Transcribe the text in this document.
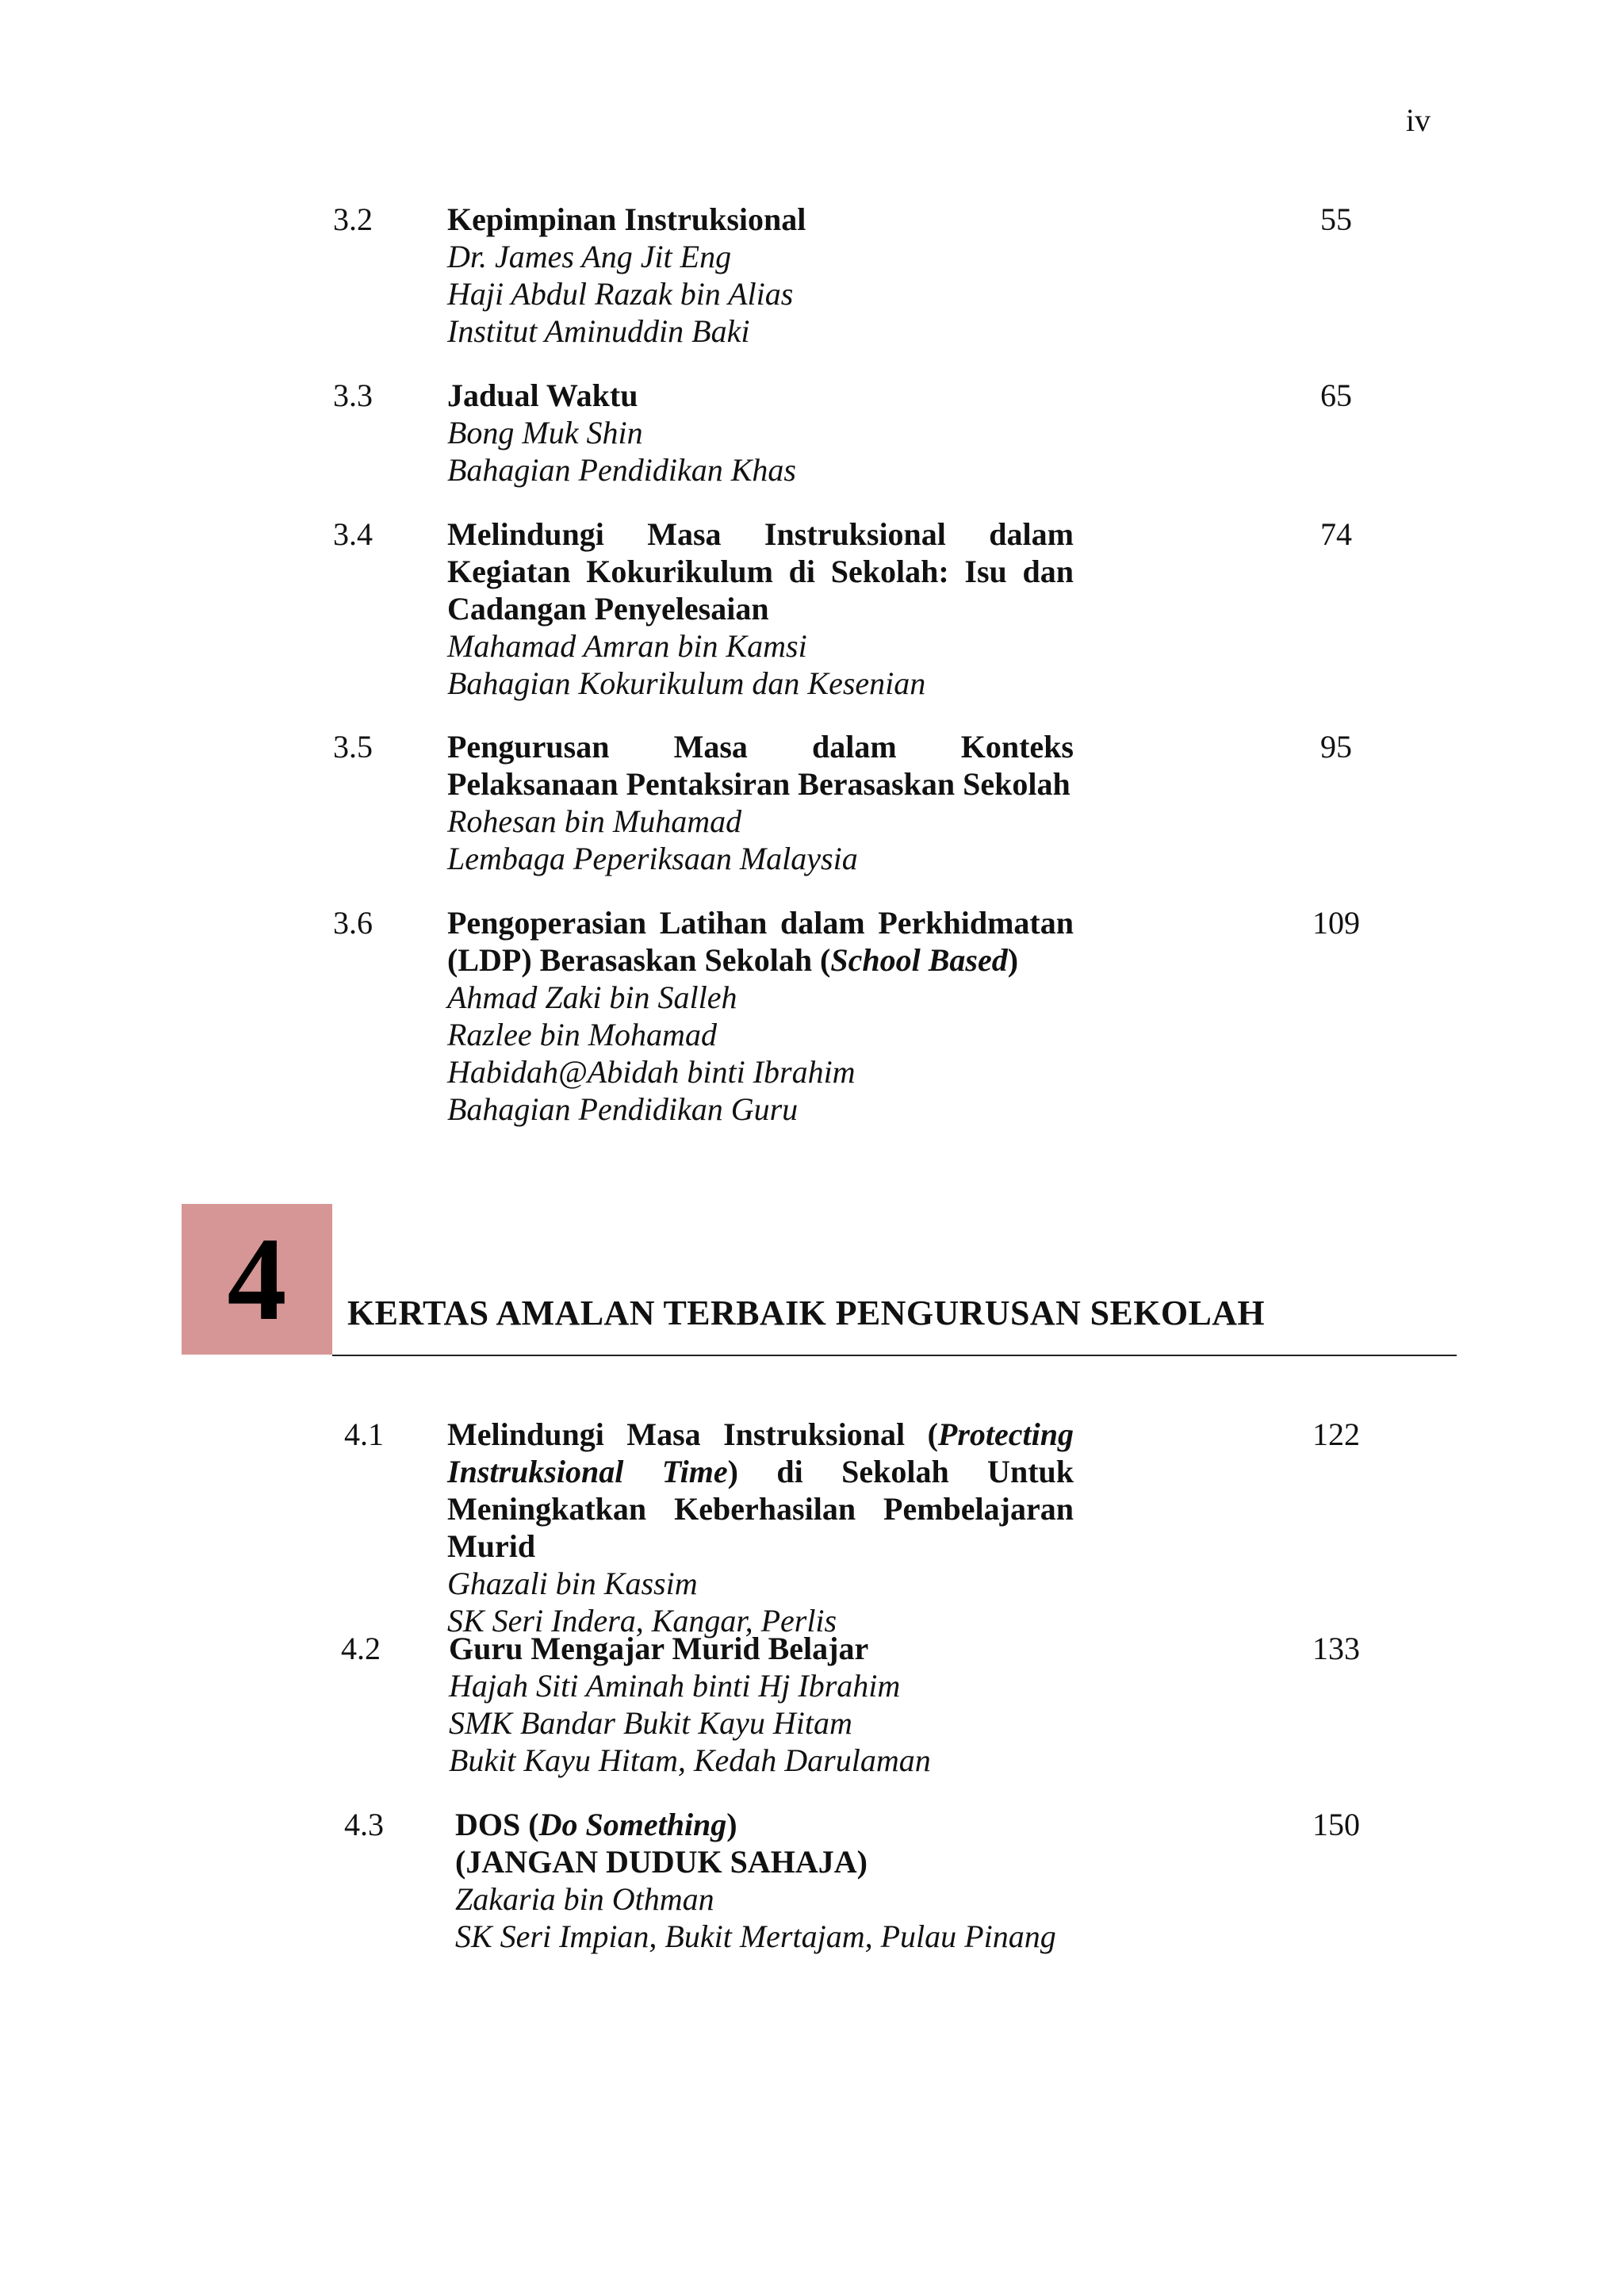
iv
3.2 Kepimpinan Instruksional
Dr. James Ang Jit Eng
Haji Abdul Razak bin Alias
Institut Aminuddin Baki
55
3.3 Jadual Waktu
Bong Muk Shin
Bahagian Pendidikan Khas
65
3.4 Melindungi Masa Instruksional dalam Kegiatan Kokurikulum di Sekolah: Isu dan Cadangan Penyelesaian
Mahamad Amran bin Kamsi
Bahagian Kokurikulum dan Kesenian
74
3.5 Pengurusan Masa dalam Konteks Pelaksanaan Pentaksiran Berasaskan Sekolah
Rohesan bin Muhamad
Lembaga Peperiksaan Malaysia
95
3.6 Pengoperasian Latihan dalam Perkhidmatan (LDP) Berasaskan Sekolah (School Based)
Ahmad Zaki bin Salleh
Razlee bin Mohamad
Habidah@Abidah binti Ibrahim
Bahagian Pendidikan Guru
109
4	KERTAS AMALAN TERBAIK PENGURUSAN SEKOLAH
4.1 Melindungi Masa Instruksional (Protecting Instruksional Time) di Sekolah Untuk Meningkatkan Keberhasilan Pembelajaran Murid
Ghazali bin Kassim
SK Seri Indera, Kangar, Perlis
122
4.2 Guru Mengajar Murid Belajar
Hajah Siti Aminah binti Hj Ibrahim
SMK Bandar Bukit Kayu Hitam
Bukit Kayu Hitam, Kedah Darulaman
133
4.3 DOS (Do Something)
(JANGAN DUDUK SAHAJA)
Zakaria bin Othman
SK Seri Impian, Bukit Mertajam, Pulau Pinang
150
